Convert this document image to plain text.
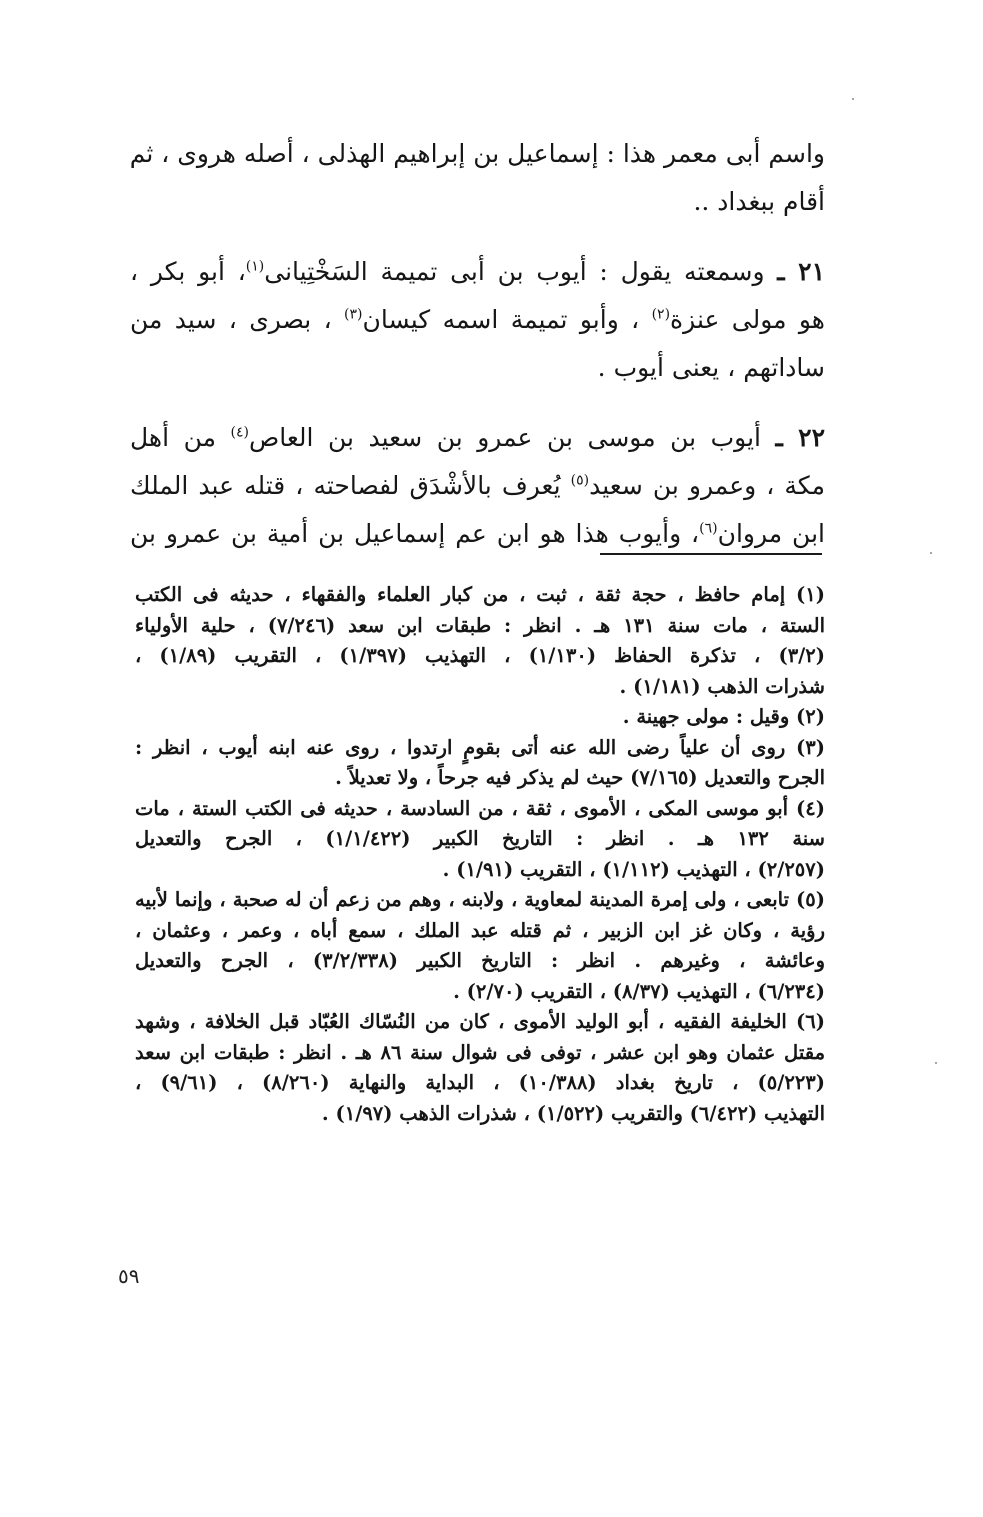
واسم أبى معمر هذا : إسماعيل بن إبراهيم الهذلى ، أصله هروى ، ثم
أقام ببغداد ..
٢١ ـ وسمعته يقول : أيوب بن أبى تميمة السَخْتِيانى$^{(١)}$، أبو بكر ،
هو مولى عنزة$^{(٢)}$ ، وأبو تميمة اسمه كيسان$^{(٣)}$ ، بصرى ، سيد من
ساداتهم ، يعنى أيوب .
٢٢ ـ أيوب بن موسى بن عمرو بن سعيد بن العاص$^{(٤)}$ من أهل
مكة ، وعمرو بن سعيد$^{(٥)}$ يُعرف بالأشْدَق لفصاحته ، قتله عبد الملك
ابن مروان$^{(٦)}$، وأيوب هذا هو ابن عم إسماعيل بن أمية بن عمرو بن
(١) إمام حافظ ، حجة ثقة ، ثبت ، من كبار العلماء والفقهاء ، حديثه فى الكتب
الستة ، مات سنة ١٣١ هـ . انظر : طبقات ابن سعد (٧/٢٤٦) ، حلية الأولياء
(٣/٢) ، تذكرة الحفاظ (١/١٣٠) ، التهذيب (١/٣٩٧) ، التقريب (١/٨٩) ،
شذرات الذهب (١/١٨١) .
(٢) وقيل : مولى جهينة .
(٣) روى أن علياً رضى الله عنه أتى بقومٍ ارتدوا ، روى عنه ابنه أيوب ، انظر :
الجرح والتعديل (٧/١٦٥) حيث لم يذكر فيه جرحاً ، ولا تعديلاً .
(٤) أبو موسى المكى ، الأموى ، ثقة ، من السادسة ، حديثه فى الكتب الستة ، مات
سنة ١٣٢ هـ . انظر : التاريخ الكبير (١/١/٤٢٢) ، الجرح والتعديل
(٢/٢٥٧) ، التهذيب (١/١١٢) ، التقريب (١/٩١) .
(٥) تابعى ، ولى إمرة المدينة لمعاوية ، ولابنه ، وهم من زعم أن له صحبة ، وإنما لأبيه
رؤية ، وكان غز ابن الزبير ، ثم قتله عبد الملك ، سمع أباه ، وعمر ، وعثمان ،
وعائشة ، وغيرهم . انظر : التاريخ الكبير (٣/٢/٣٣٨) ، الجرح والتعديل
(٦/٢٣٤) ، التهذيب (٨/٣٧) ، التقريب (٢/٧٠) .
(٦) الخليفة الفقيه ، أبو الوليد الأموى ، كان من النُسّاك العُبّاد قبل الخلافة ، وشهد
مقتل عثمان وهو ابن عشر ، توفى فى شوال سنة ٨٦ هـ . انظر : طبقات ابن سعد
(٥/٢٢٣) ، تاريخ بغداد (١٠/٣٨٨) ، البداية والنهاية (٨/٢٦٠) ، (٩/٦١) ،
التهذيب (٦/٤٢٢) والتقريب (١/٥٢٢) ، شذرات الذهب (١/٩٧) .
٥٩
